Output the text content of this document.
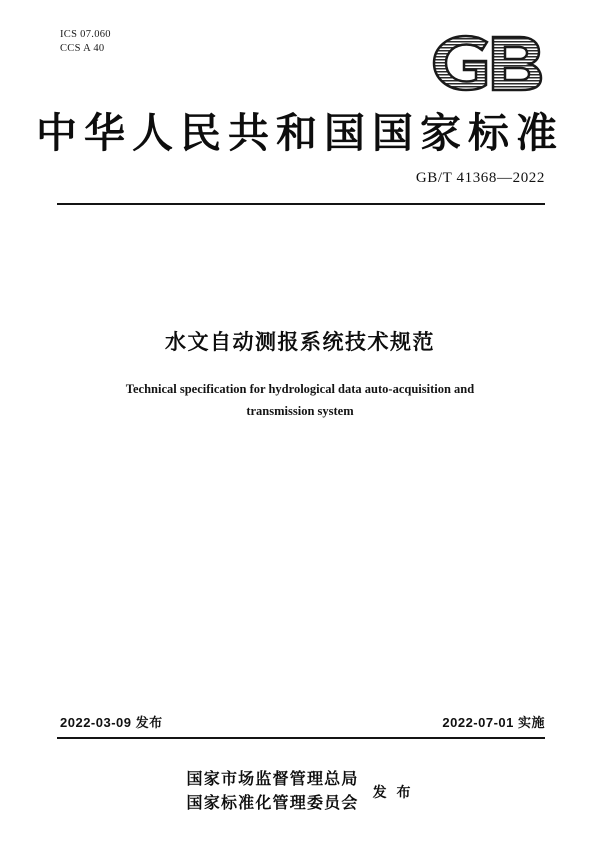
ICS 07.060
CCS A 40
中华人民共和国国家标准
GB/T 41368—2022
水文自动测报系统技术规范
Technical specification for hydrological data auto-acquisition and
transmission system
2022-03-09 发布	2022-07-01 实施
国家市场监督管理总局
国家标准化管理委员会发 布
